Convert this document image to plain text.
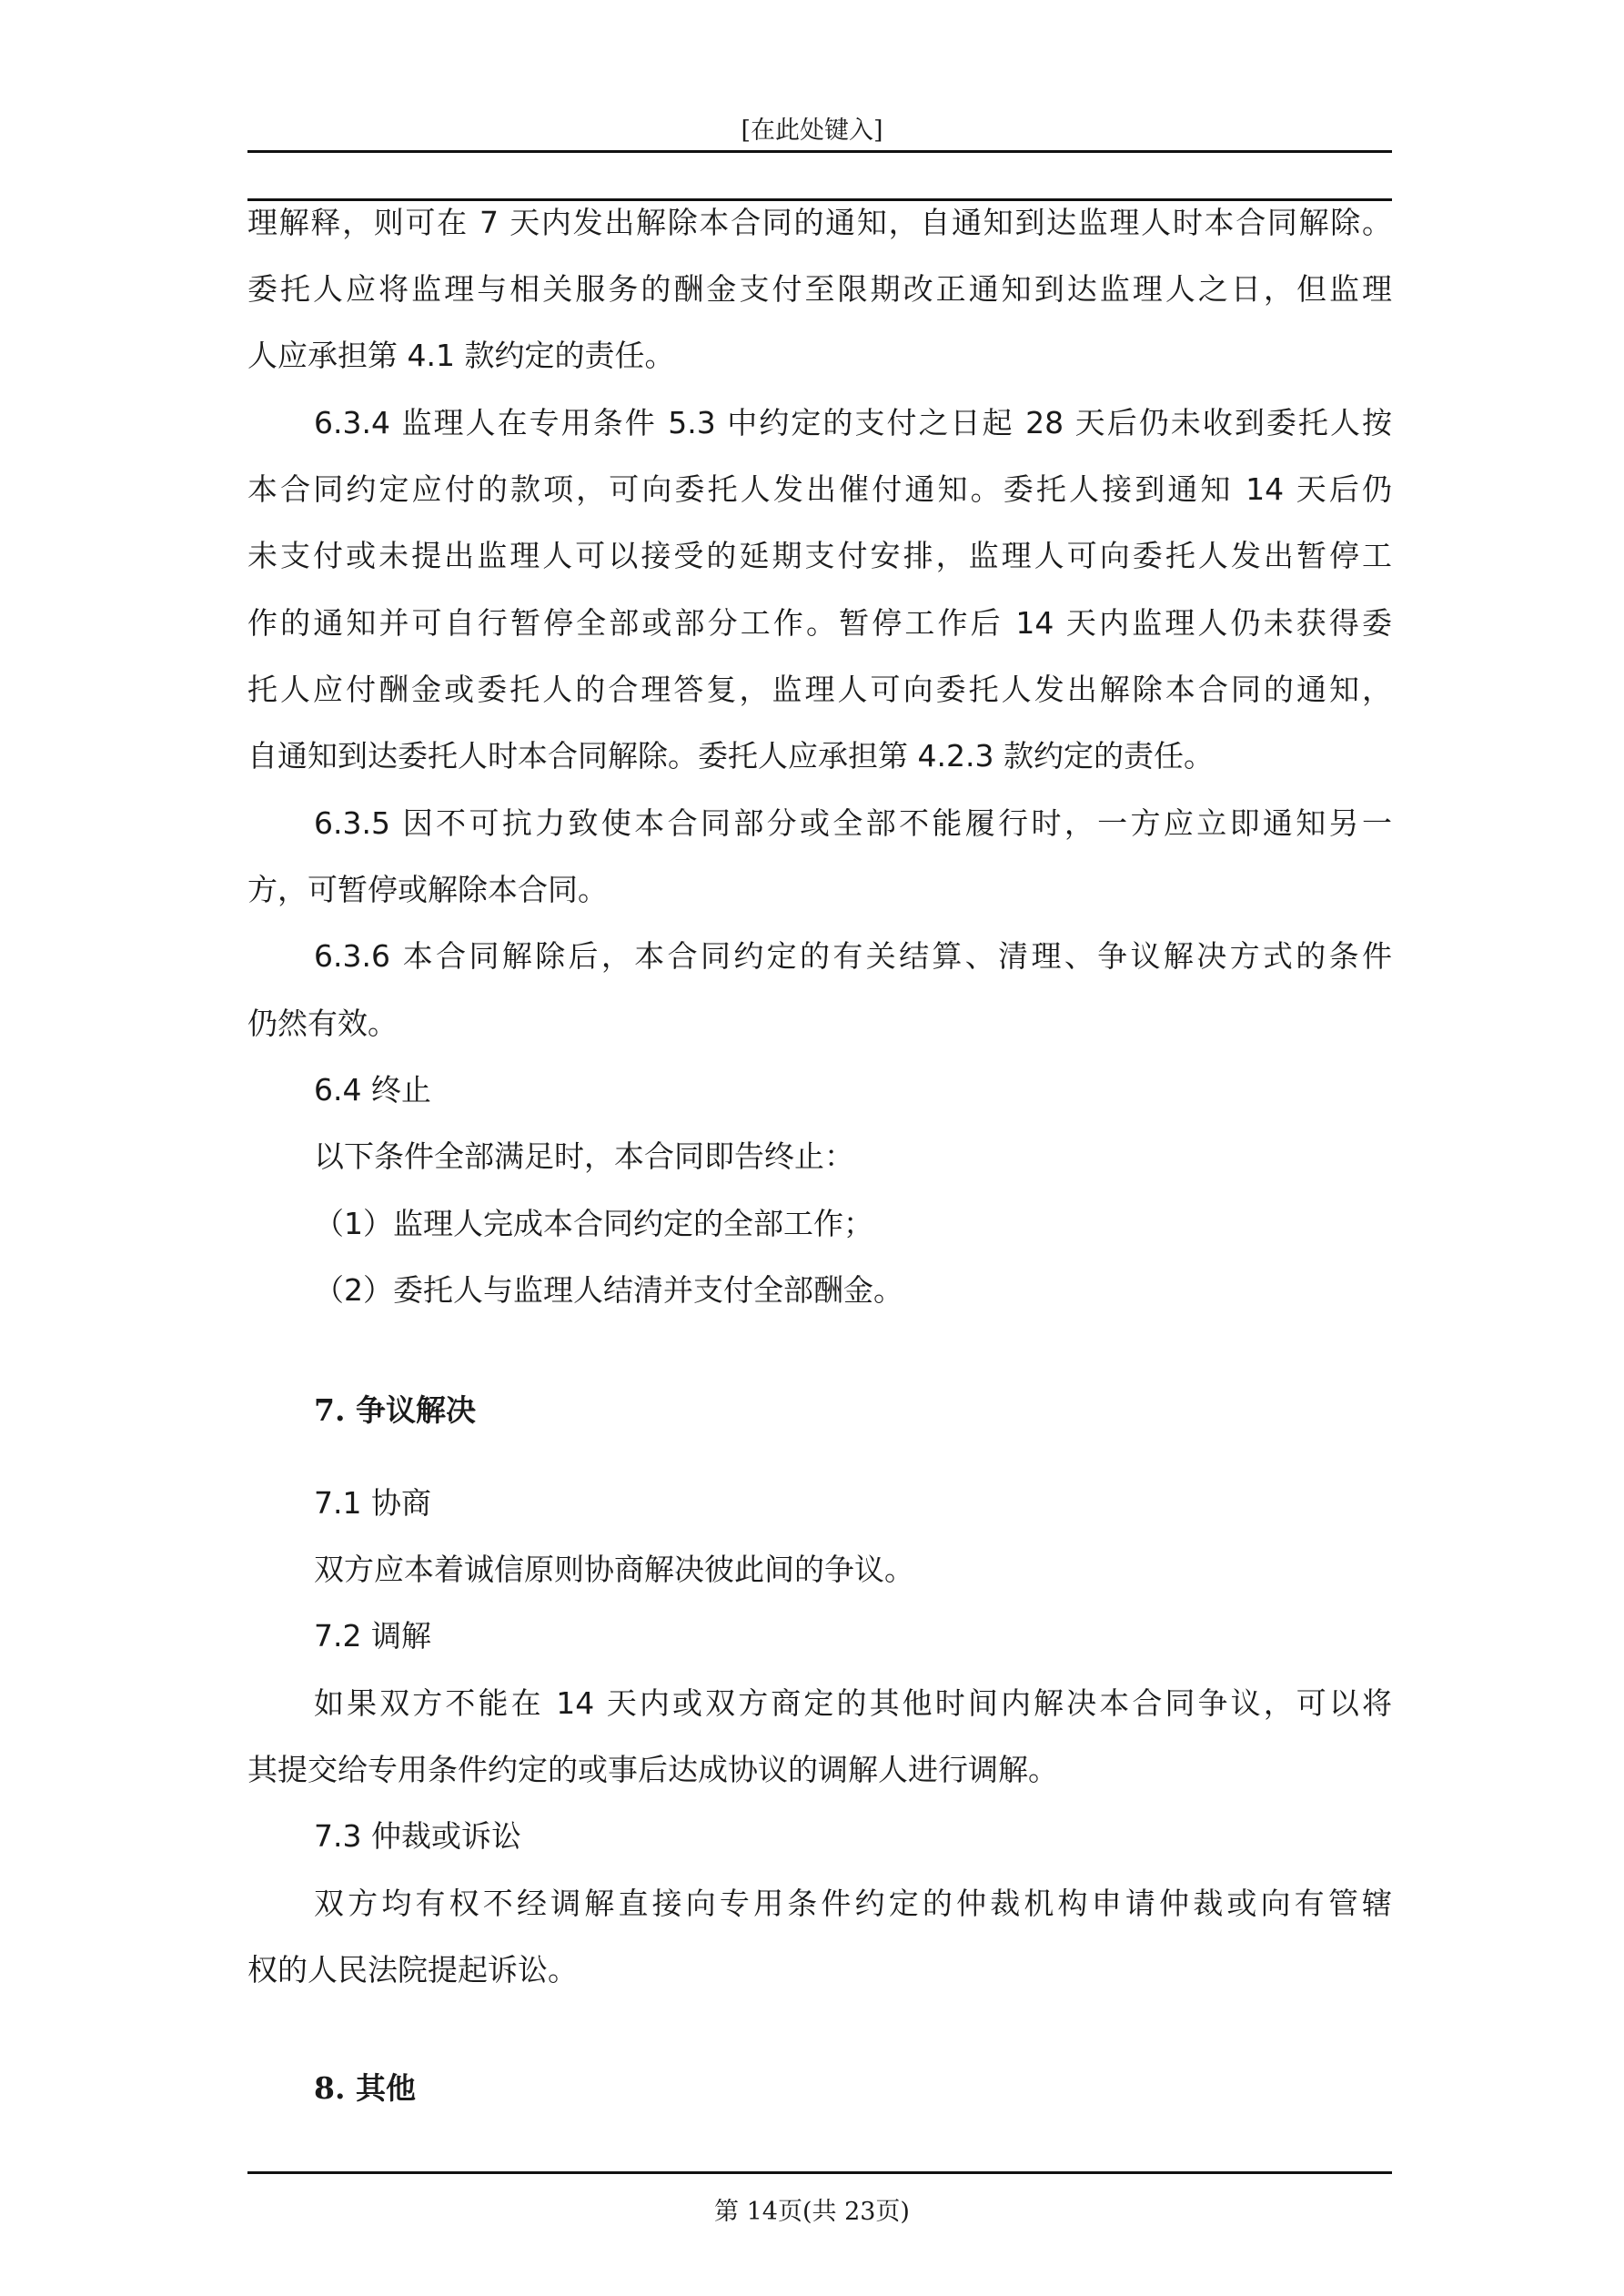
[在此处键入]
理解释，则可在 7 天内发出解除本合同的通知，自通知到达监理人时本合同解除。
委托人应将监理与相关服务的酬金支付至限期改正通知到达监理人之日，但监理
人应承担第 4.1 款约定的责任。
6.3.4 监理人在专用条件 5.3 中约定的支付之日起 28 天后仍未收到委托人按
本合同约定应付的款项，可向委托人发出催付通知。委托人接到通知 14 天后仍
未支付或未提出监理人可以接受的延期支付安排，监理人可向委托人发出暂停工
作的通知并可自行暂停全部或部分工作。暂停工作后 14 天内监理人仍未获得委
托人应付酬金或委托人的合理答复，监理人可向委托人发出解除本合同的通知，
自通知到达委托人时本合同解除。委托人应承担第 4.2.3 款约定的责任。
6.3.5 因不可抗力致使本合同部分或全部不能履行时，一方应立即通知另一
方，可暂停或解除本合同。
6.3.6 本合同解除后，本合同约定的有关结算、清理、争议解决方式的条件
仍然有效。
6.4 终止
以下条件全部满足时，本合同即告终止：
（1）监理人完成本合同约定的全部工作；
（2）委托人与监理人结清并支付全部酬金。
7. 争议解决
7.1 协商
双方应本着诚信原则协商解决彼此间的争议。
7.2 调解
如果双方不能在 14 天内或双方商定的其他时间内解决本合同争议，可以将
其提交给专用条件约定的或事后达成协议的调解人进行调解。
7.3 仲裁或诉讼
双方均有权不经调解直接向专用条件约定的仲裁机构申请仲裁或向有管辖
权的人民法院提起诉讼。
8. 其他
第 14页(共 23页)
